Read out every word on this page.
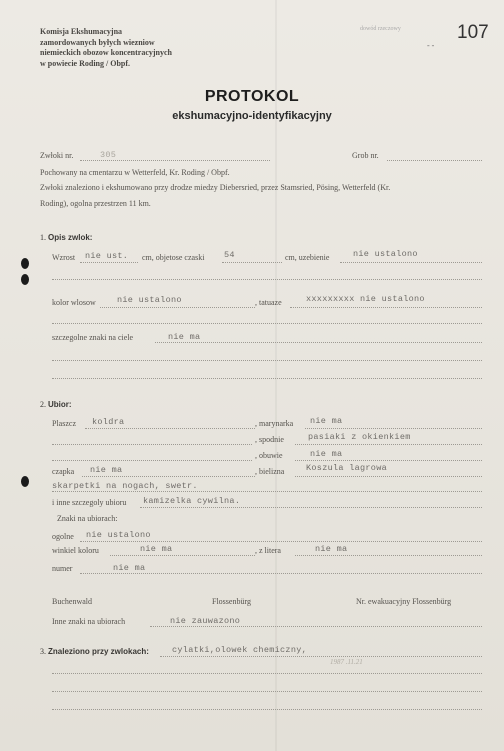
Komisja Ekshumacyjna
zamordowanych byłych wiezniow
niemieckich obozow koncentracyjnych
w powiecie Roding / Obpf.
dowód rzeczowy
- -
107
PROTOKOL
ekshumacyjno-identyfikacyjny
Zwłoki nr.	305	Grob nr.
Pochowany na cmentarzu w Wetterfeld, Kr. Roding / Obpf.
Zwłoki znaleziono i ekshumowano przy drodze miedzy Diebersried, przez Stamsried, Pösing, Wetterfeld (Kr.
Roding), ogolna przestrzen 11 km.
1. Opis zwlok:
Wzrost nie ust. cm, objetose czaski 54	cm, uzebienie	nie ustalono
kolor wlosow nie ustalono	, tatuaze	xxxxxxxxx nie ustalono
szczegolne znaki na ciele	nie ma
2. Ubior:
Plaszcz koldra	, marynarka nie ma
, spodnie	pasiaki z okienkiem
, obuwie	nie ma
czapka nie ma	, bielizna	Koszula lagrowa
skarpetki na nogach, swetr.
i inne szczegoly ubioru kamizelka cywilna.
Znaki na ubiorach:
ogolne nie ustalono
winkiel koloru	nie ma	, z litera	nie ma
numer	nie ma
Buchenwald	Flossenbürg	Nr. ewakuacyjny Flossenbürg
Inne znaki na ubiorach	nie zauwazono
3. Znaleziono przy zwlokach:	cylatki,olowek chemiczny,
1987 .11.21
